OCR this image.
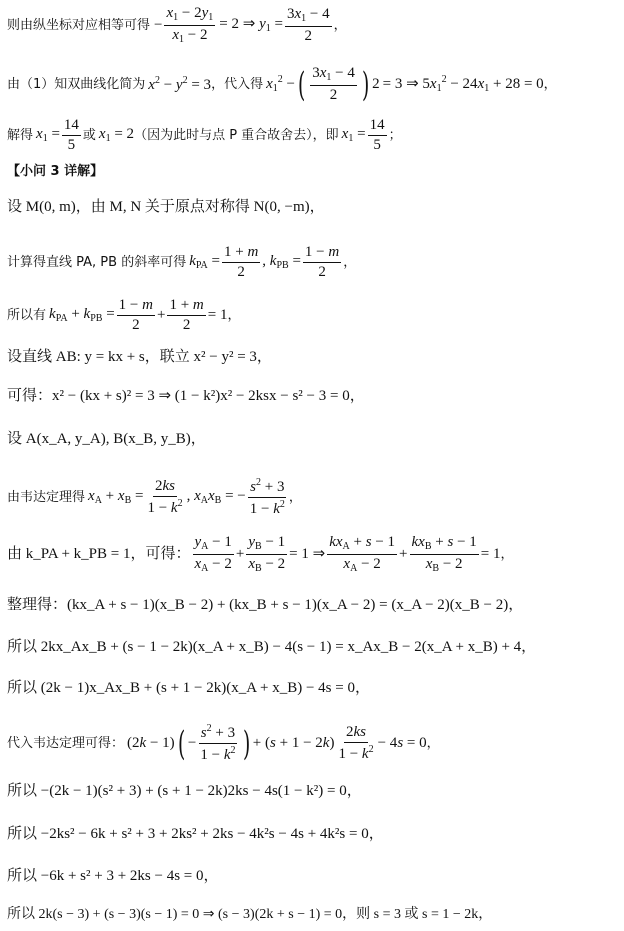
则由纵坐标对应相等可得 − $\frac{x_1 - 2y_1}{x_1 - 2} = 2$ ⇒ $y_1 = \frac{3x_1 - 4}{2}$ ，
由（1）知双曲线化简为 $x^2 - y^2 = 3$ ，代入得 $x_1^2$ − ( $\frac{3x_1 - 4}{2}$ ) 2 = 3 ⇒ $5x_1^2 - 24x_1 + 28 = 0$ ，
解得 $x_1 = \frac{14}{5}$ 或 $x_1 = 2$ （因为此时与点 P 重合故舍去），即 $x_1 = \frac{14}{5}$ ；
【小问 3 详解】
设 M(0, m)，由 M, N 关于原点对称得 N(0, −m)，
计算得直线 PA, PB 的斜率可得 $k_{PA} = \frac{1 + m}{2}$ , $k_{PB} = \frac{1 - m}{2}$ ，
所以有 $k_{PA} + k_{PB} = \frac{1 - m}{2} + \frac{1 + m}{2} = 1$ ，
设直线 AB: y = kx + s，联立 x² − y² = 3，
可得：x² − (kx + s)² = 3 ⇒ (1 − k²)x² − 2ksx − s² − 3 = 0，
设 A(x_A, y_A), B(x_B, y_B)，
由韦达定理得 $x_A + x_B = \frac{2ks}{1 - k^2}$ , $x_Ax_B$ = − $\frac{s^2 + 3}{1 - k^2}$ ，
由 k_PA + k_PB = 1，可得： $\frac{y_A - 1}{x_A - 2} + \frac{y_B - 1}{x_B - 2} = 1$ ⇒ $\frac{kx_A + s - 1}{x_A - 2} + \frac{kx_B + s - 1}{x_B - 2} = 1$ ，
整理得：(kx_A + s − 1)(x_B − 2) + (kx_B + s − 1)(x_A − 2) = (x_A − 2)(x_B − 2)，
所以 2kx_Ax_B + (s − 1 − 2k)(x_A + x_B) − 4(s − 1) = x_Ax_B − 2(x_A + x_B) + 4，
所以 (2k − 1)x_Ax_B + (s + 1 − 2k)(x_A + x_B) − 4s = 0，
代入韦达定理可得： (2k − 1) ( − $\frac{s^2 + 3}{1 - k^2}$ ) + $(s + 1 - 2k) \frac{2ks}{1 - k^2} - 4s = 0$ ，
所以 −(2k − 1)(s² + 3) + (s + 1 − 2k)2ks − 4s(1 − k²) = 0，
所以 −2ks² − 6k + s² + 3 + 2ks² + 2ks − 4k²s − 4s + 4k²s = 0，
所以 −6k + s² + 3 + 2ks − 4s = 0，
所以 2k(s − 3) + (s − 3)(s − 1) = 0 ⇒ (s − 3)(2k + s − 1) = 0，则 s = 3 或 s = 1 − 2k，
